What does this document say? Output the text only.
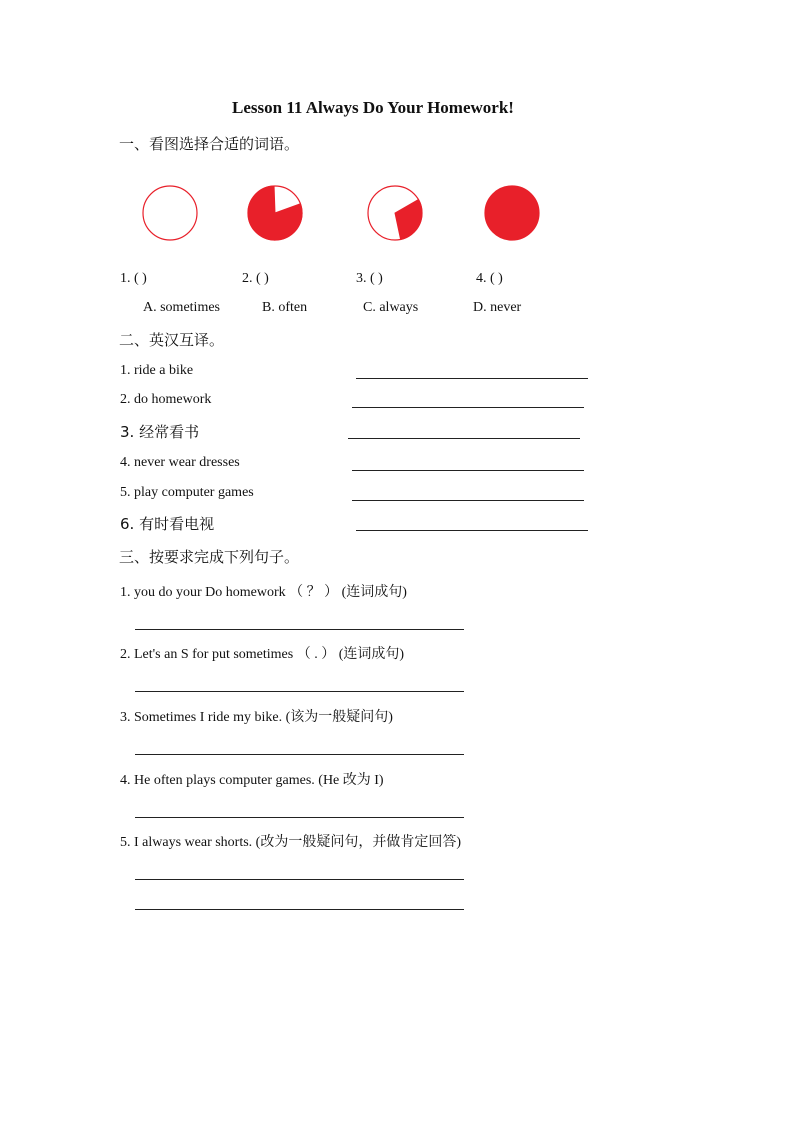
Lesson 11 Always Do Your Homework!
一、看图选择合适的词语。
1. ( )	2. ( )	3. ( )	4. ( )
A. sometimes	B. often	C. always	D. never
二、英汉互译。
1. ride a bike
2. do homework
3. 经常看书
4. never wear dresses
5. play computer games
6. 有时看电视
三、按要求完成下列句子。
1. you do your Do homework （ ？ ） (连词成句)
2. Let's an S for put sometimes （ . ） (连词成句)
3. Sometimes I ride my bike. (该为一般疑问句)
4. He often plays computer games. (He 改为 I)
5. I always wear shorts. (改为一般疑问句，并做肯定回答)
